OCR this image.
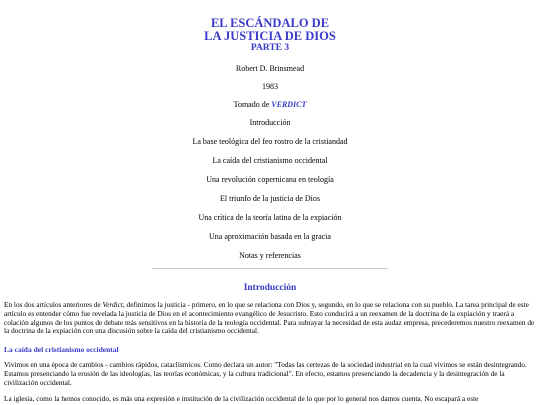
EL ESCÁNDALO DE

LA JUSTICIA DE DIOS

PARTE 3

Robert D. Brinsmead

1983

Tomado de VERDICT

Introducción
La base teológica del feo rostro de la cristiandad
La caída del cristianismo occidental
Una revolución copernicana en teología
El triunfo de la justicia de Dios
Una crítica de la teoría latina de la expiación
Una aproximación basada en la gracia
Notas y referencias

Introducción

En los dos artículos anteriores de Verdict, definimos la justicia - primero, en lo que se relaciona con Dios y, segundo, en lo que se relaciona con su pueblo. La tarea principal de este artículo es entender cómo fue revelada la justicia de Dios en el acontecimiento evangélico de Jesucristo. Esto conducirá a un reexamen de la doctrina de la expiación y traerá a colación algunos de los puntos de debate más sensitivos en la historia de la teología occidental. Para subrayar la necesidad de esta audaz empresa, precederemos nuestro reexamen de la doctrina de la expiación con una discusión sobre la caída del cristianismo occidental.

La caída del cristianismo occidental

Vivimos en una época de cambios - cambios rápidos, cataclísmicos. Como declara un autor: "Todas las certezas de la sociedad industrial en la cual vivimos se están desintegrando. Estamos presenciando la erosión de las ideologías, las teorías económicas, y la cultura tradicional". En efecto, estamos presenciando la decadencia y la desintegración de la civilización occidental.

La iglesia, como la hemos conocido, es más una expresión e institución de la civilización occidental de lo que por lo general nos damos cuenta. No escapará a este
